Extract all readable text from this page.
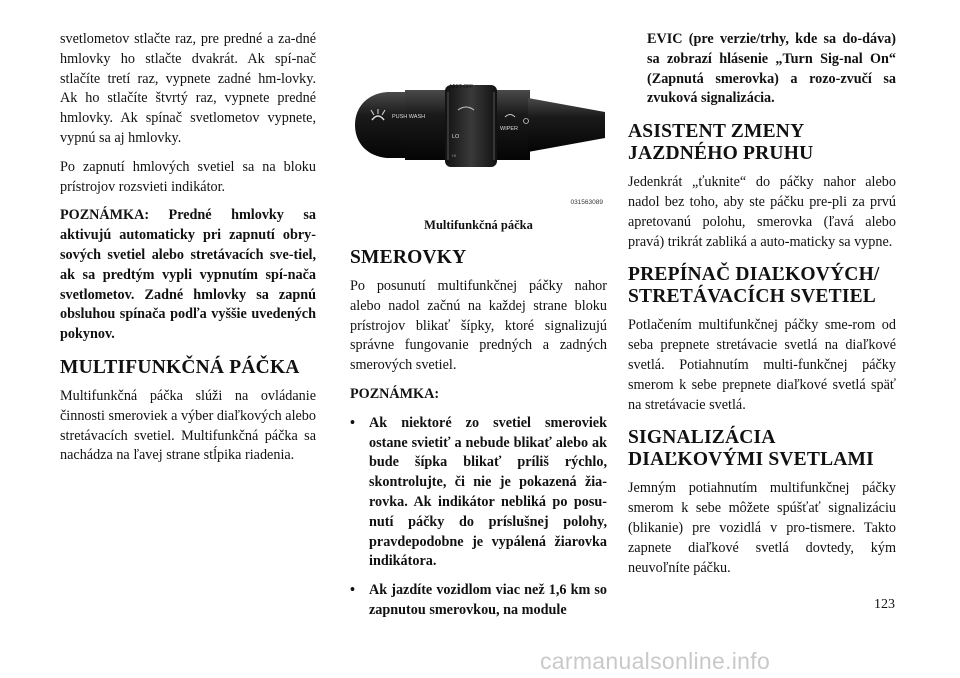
svetlometov stlačte raz, pre predné a za-dné hmlovky ho stlačte dvakrát. Ak spí-nač stlačíte tretí raz, vypnete zadné hm-lovky. Ak ho stlačíte štvrtý raz, vypnete predné hmlovky. Ak spínač svetlometov vypnete, vypnú sa aj hmlovky.

Po zapnutí hmlových svetiel sa na bloku prístrojov rozsvieti indikátor.

POZNÁMKA: Predné hmlovky sa aktivujú automaticky pri zapnutí obry-sových svetiel alebo stretávacích sve-tiel, ak sa predtým vypli vypnutím spí-nača svetlometov. Zadné hmlovky sa zapnú obsluhou spínača podľa vyššie uvedených pokynov.

MULTIFUNKČNÁ PÁČKA

Multifunkčná páčka slúži na ovládanie činnosti smeroviek a výber diaľkových alebo stretávacích svetiel. Multifunkčná páčka sa nachádza na ľavej strane stĺpika riadenia.

PUSH WASH
MIST OFF
WIPER
LO
HI
031563089
Multifunkčná páčka
SMEROVKY

Po posunutí multifunkčnej páčky nahor alebo nadol začnú na každej strane bloku prístrojov blikať šípky, ktoré signalizujú správne fungovanie predných a zadných smerových svetiel.

POZNÁMKA:

• Ak niektoré zo svetiel smeroviek ostane svietiť a nebude blikať alebo ak bude šípka blikať príliš rýchlo, skontrolujte, či nie je pokazená žia-rovka. Ak indikátor nebliká po posu-nutí páčky do príslušnej polohy, pravdepodobne je vypálená žiarovka indikátora.

• Ak jazdíte vozidlom viac než 1,6 km so zapnutou smerovkou, na module

EVIC (pre verzie/trhy, kde sa do-dáva) sa zobrazí hlásenie „Turn Sig-nal On“ (Zapnutá smerovka) a rozo-zvučí sa zvuková signalizácia.

ASISTENT ZMENY JAZDNÉHO PRUHU

Jedenkrát „ťuknite“ do páčky nahor alebo nadol bez toho, aby ste páčku pre-pli za prvú apretovanú polohu, smerovka (ľavá alebo pravá) trikrát zabliká a auto-maticky sa vypne.

PREPÍNAČ DIAĽKOVÝCH/ STRETÁVACÍCH SVETIEL

Potlačením multifunkčnej páčky sme-rom od seba prepnete stretávacie svetlá na diaľkové svetlá. Potiahnutím multi-funkčnej páčky smerom k sebe prepnete diaľkové svetlá späť na stretávacie svetlá.

SIGNALIZÁCIA DIAĽKOVÝMI SVETLAMI

Jemným potiahnutím multifunkčnej páčky smerom k sebe môžete spúšťať signalizáciu (blikanie) pre vozidlá v pro-tismere. Takto zapnete diaľkové svetlá dovtedy, kým neuvoľníte páčku.

123
carmanualsonline.info
